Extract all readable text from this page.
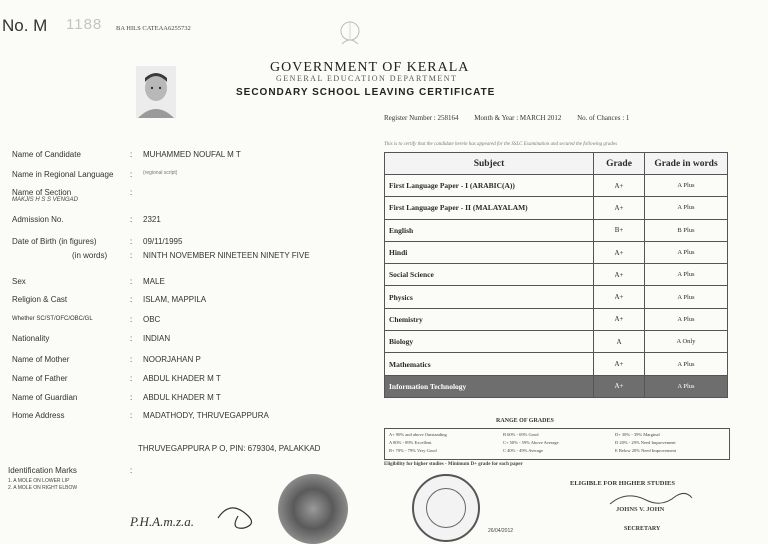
No. M 1188 BA HILS CATEAA6255732
GOVERNMENT OF KERALA
GENERAL EDUCATION DEPARTMENT
SECONDARY SCHOOL LEAVING CERTIFICATE
Register Number : 258164 Month & Year : MARCH 2012 No. of Chances : 1
This is to certify that the candidate herein has appeared for the SSLC Examination and secured the following grades
Name of Candidate	: MUHAMMED NOUFAL M T
Name in Regional Language : (regional script)
Name of Section	:
MAKJIS H S S VENGAD
Admission No.	: 2321
Date of Birth (in figures)	: 09/11/1995
(in words)	: NINTH NOVEMBER NINETEEN NINETY FIVE
Sex	: MALE
Religion & Cast	: ISLAM, MAPPILA
Whether SC/ST/OFC/OBC/GL	: OBC
Nationality	: INDIAN
Name of Mother	: NOORJAHAN P
Name of Father	: ABDUL KHADER M T
Name of Guardian	: ABDUL KHADER M T
Home Address	: MADATHODY, THRUVEGAPPURA
THRUVEGAPPURA P O, PIN: 679304, PALAKKAD
Identification Marks	:
1. A MOLE ON LOWER LIP
2. A MOLE ON RIGHT ELBOW
Subject	Grade	Grade in words
First Language Paper - I (ARABIC(A))	A+	A Plus
First Language Paper - II (MALAYALAM)	A+	A Plus
English	B+	B Plus
Hindi	A+	A Plus
Social Science	A+	A Plus
Physics	A+	A Plus
Chemistry	A+	A Plus
Biology	A	A Only
Mathematics	A+	A Plus
Information Technology	A+	A Plus
RANGE OF GRADES
A+ 90% and above Outstanding
A 80% - 89% Excellent
B+ 70% - 79% Very Good
B 60% - 69% Good
C+ 50% - 59% Above Average
C 40% - 49% Average
D+ 30% - 39% Marginal
D 20% - 29% Need Improvement
E Below 20% Need Improvement
Eligibility for higher studies - Minimum D+ grade for each paper
P.H.A.m.z.a.
26/04/2012
ELIGIBLE FOR HIGHER STUDIES
JOHNS V. JOHN
SECRETARY
